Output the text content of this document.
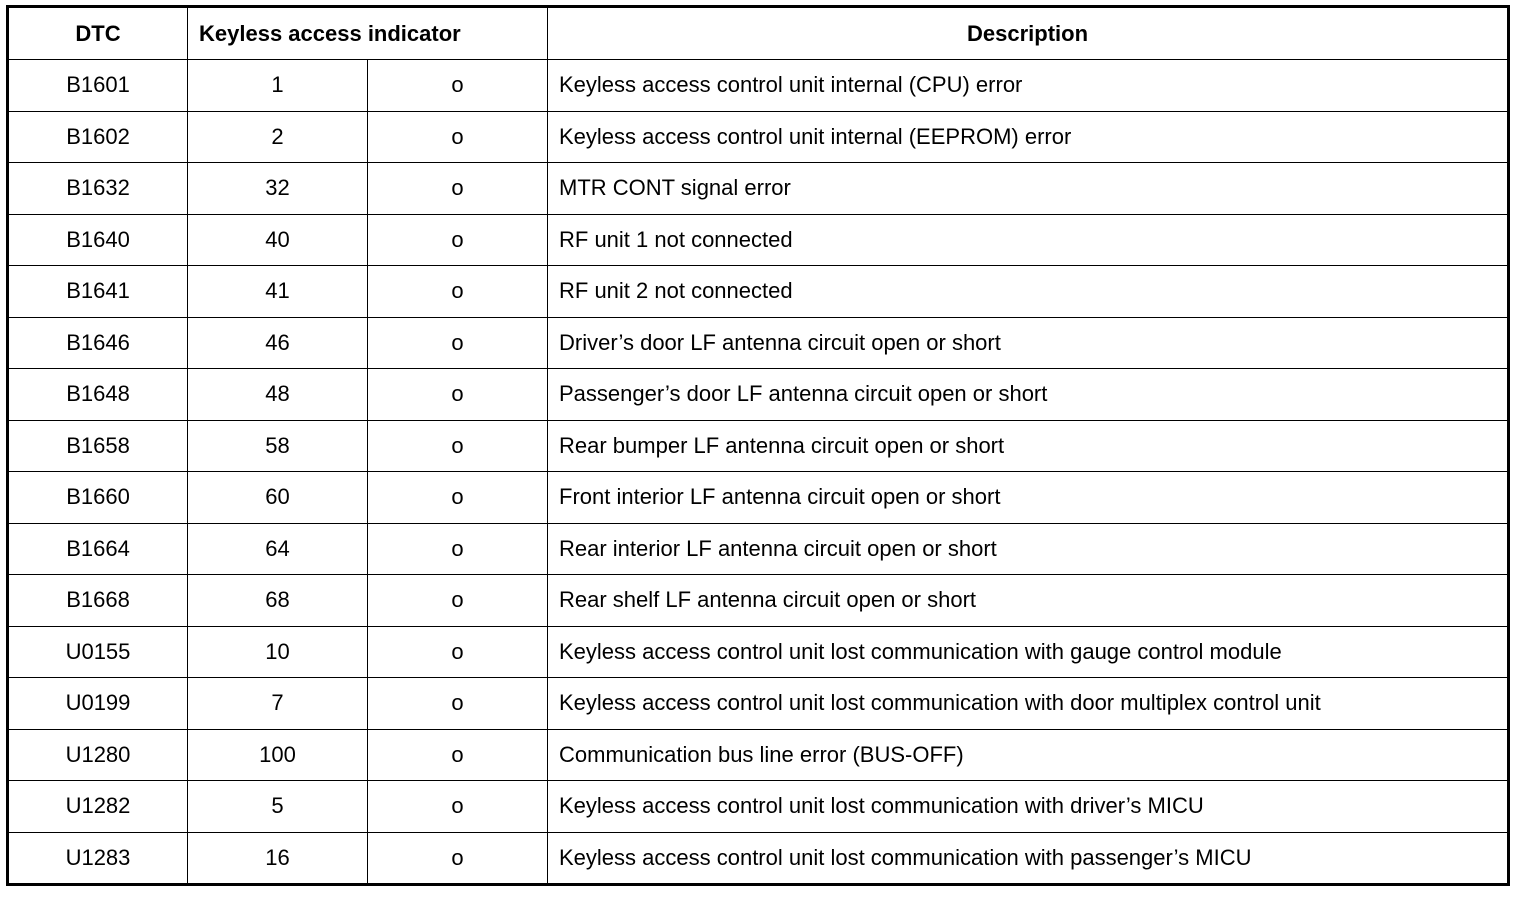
DTC	Keyless access indicator		Description
B1601	1	o	Keyless access control unit internal (CPU) error
B1602	2	o	Keyless access control unit internal (EEPROM) error
B1632	32	o	MTR CONT signal error
B1640	40	o	RF unit 1 not connected
B1641	41	o	RF unit 2 not connected
B1646	46	o	Driver’s door LF antenna circuit open or short
B1648	48	o	Passenger’s door LF antenna circuit open or short
B1658	58	o	Rear bumper LF antenna circuit open or short
B1660	60	o	Front interior LF antenna circuit open or short
B1664	64	o	Rear interior LF antenna circuit open or short
B1668	68	o	Rear shelf LF antenna circuit open or short
U0155	10	o	Keyless access control unit lost communication with gauge control module
U0199	7	o	Keyless access control unit lost communication with door multiplex control unit
U1280	100	o	Communication bus line error (BUS-OFF)
U1282	5	o	Keyless access control unit lost communication with driver’s MICU
U1283	16	o	Keyless access control unit lost communication with passenger’s MICU
